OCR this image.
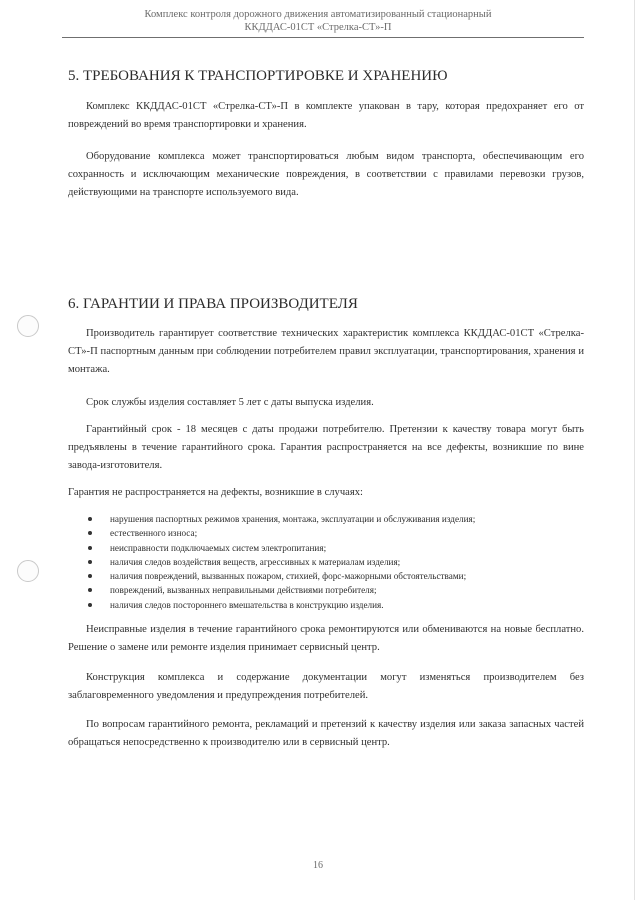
Комплекс контроля дорожного движения автоматизированный стационарный
ККДДАС-01СТ «Стрелка-СТ»-П
5. ТРЕБОВАНИЯ К ТРАНСПОРТИРОВКЕ И ХРАНЕНИЮ

Комплекс ККДДАС-01СТ «Стрелка-СТ»-П в комплекте упакован в тару, которая предохраняет его от повреждений во время транспортировки и хранения.

Оборудование комплекса может транспортироваться любым видом транспорта, обеспечивающим его сохранность и исключающим механические повреждения, в соответствии с правилами перевозки грузов, действующими на транспорте используемого вида.

6. ГАРАНТИИ И ПРАВА ПРОИЗВОДИТЕЛЯ

Производитель гарантирует соответствие технических характеристик комплекса ККДДАС-01СТ «Стрелка-СТ»-П паспортным данным при соблюдении потребителем правил эксплуатации, транспортирования, хранения и монтажа.

Срок службы изделия составляет 5 лет с даты выпуска изделия.

Гарантийный срок - 18 месяцев с даты продажи потребителю. Претензии к качеству товара могут быть предъявлены в течение гарантийного срока. Гарантия распространяется на все дефекты, возникшие по вине завода-изготовителя.

Гарантия не распространяется на дефекты, возникшие в случаях:

нарушения паспортных режимов хранения, монтажа, эксплуатации и обслуживания изделия;
естественного износа;
неисправности подключаемых систем электропитания;
наличия следов воздействия веществ, агрессивных к материалам изделия;
наличия повреждений, вызванных пожаром, стихией, форс-мажорными обстоятельствами;
повреждений, вызванных неправильными действиями потребителя;
наличия следов постороннего вмешательства в конструкцию изделия.

Неисправные изделия в течение гарантийного срока ремонтируются или обмениваются на новые бесплатно. Решение о замене или ремонте изделия принимает сервисный центр.

Конструкция комплекса и содержание документации могут изменяться производителем без заблаговременного уведомления и предупреждения потребителей.

По вопросам гарантийного ремонта, рекламаций и претензий к качеству изделия или заказа запасных частей обращаться непосредственно к производителю или в сервисный центр.

16
